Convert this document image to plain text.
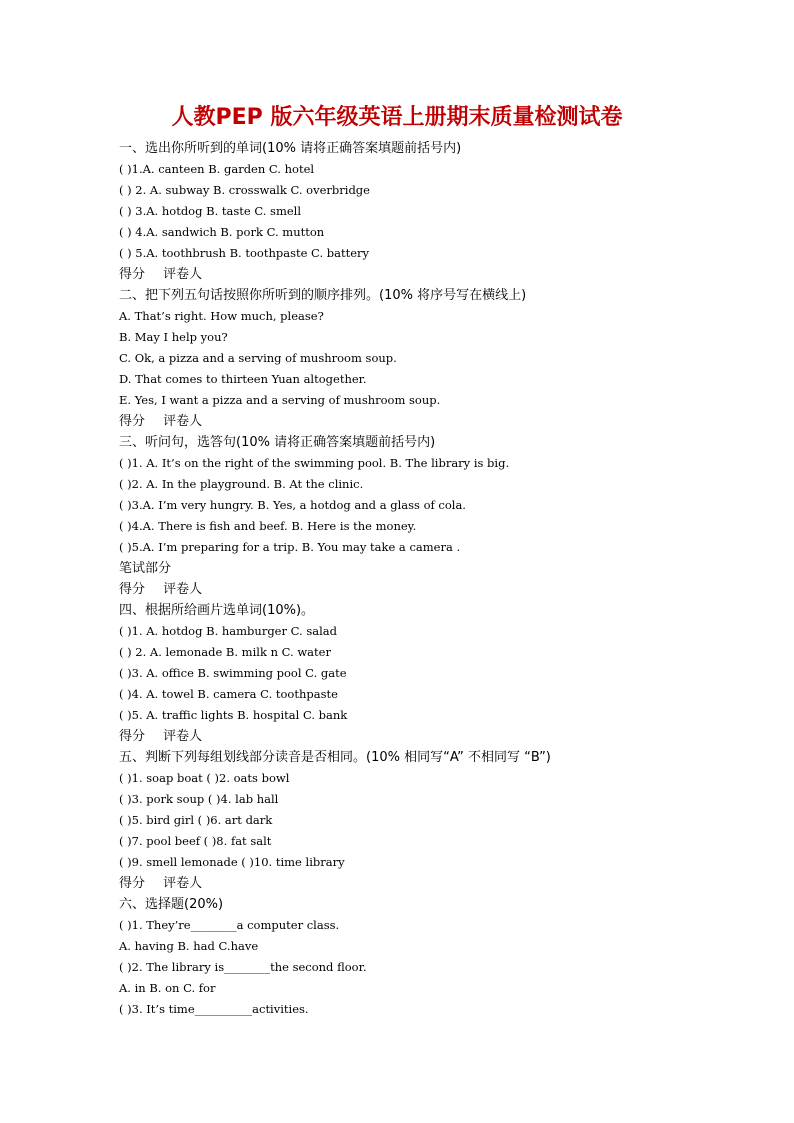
人教PEP 版六年级英语上册期末质量检测试卷
一、选出你所听到的单词(10% 请将正确答案填题前括号内)
( )1.A. canteen B. garden C. hotel
( ) 2. A. subway B. crosswalk C. overbridge
( ) 3.A. hotdog B. taste C. smell
( ) 4.A. sandwich B. pork C. mutton
( ) 5.A. toothbrush B. toothpaste C. battery
得分 评卷人
二、把下列五句话按照你所听到的顺序排列。(10% 将序号写在横线上)
A. That’s right. How much, please?
B. May I help you?
C. Ok, a pizza and a serving of mushroom soup.
D. That comes to thirteen Yuan altogether.
E. Yes, I want a pizza and a serving of mushroom soup.
得分 评卷人
三、听问句，选答句(10% 请将正确答案填题前括号内)
( )1. A. It’s on the right of the swimming pool. B. The library is big.
( )2. A. In the playground. B. At the clinic.
( )3.A. I’m very hungry. B. Yes, a hotdog and a glass of cola.
( )4.A. There is fish and beef. B. Here is the money.
( )5.A. I’m preparing for a trip. B. You may take a camera .
笔试部分
得分 评卷人
四、根据所给画片选单词(10%)。
( )1. A. hotdog B. hamburger C. salad
( ) 2. A. lemonade B. milk n C. water
( )3. A. office B. swimming pool C. gate
( )4. A. towel B. camera C. toothpaste
( )5. A. traffic lights B. hospital C. bank
得分 评卷人
五、判断下列每组划线部分读音是否相同。(10% 相同写“A” 不相同写 “B”)
( )1. soap boat ( )2. oats bowl
( )3. pork soup ( )4. lab hall
( )5. bird girl ( )6. art dark
( )7. pool beef ( )8. fat salt
( )9. smell lemonade ( )10. time library
得分 评卷人
六、选择题(20%)
( )1. They’re________a computer class.
A. having B. had C.have
( )2. The library is________the second floor.
A. in B. on C. for
( )3. It’s time__________activities.
